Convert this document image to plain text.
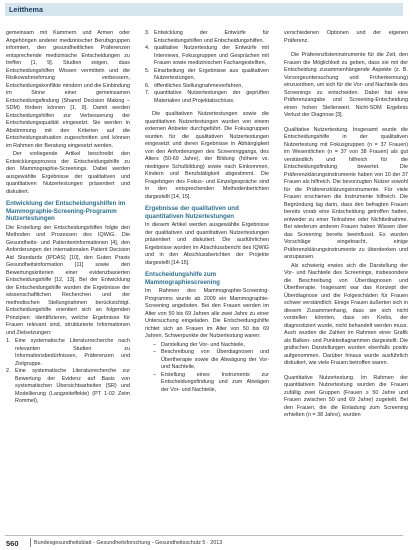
Leitthema

gemeinsam mit Kammern und Armen oder Angehörigen anderer medizinischer Berufsgruppen informiert, den gesundheitlichen Präferenzen entsprechende medizinische Entscheidungen zu treffen [1, 9]. Studien zeigen, dass Entscheidungshilfen Wissen vermitteln und die Risikowahrnehmung verbessern, Entscheidungskonflikte mindern und die Einbindung im Sinne einer gemeinsamen Entscheidungsfindung (Shared Decision Making – SDM) fördern können [1, 9]. Damit werden Entscheidungshilfen zur Verbesserung der Entscheidungsqualität eingesetzt. Sie werden in Abstimmung mit den Kriterien auf die Entscheidungssituation zugeschnitten und können im Rahmen der Beratung eingesetzt werden.

Der vorliegende Artikel beschreibt den Entwicklungsprozess der Entscheidungshilfe zu den Mammographie-Screenings. Dabei werden ausgewählte Ergebnisse der qualitativen und quantitativen Nutzertestungen präsentiert und diskutiert.

Entwicklung der Entscheidungshilfen im Mammographie-Screening-Programm Nutzertestungen

Die Erstellung der Entscheidungshilfen folgte den Methoden und Prozessen des IQWiG. Die Gesundheits- und Patienteninformationen [4], den Anforderungen der internationalen Patient Decision Aid Standards (IPDAS) [10], den Guten Praxis Gesundheitsinformation [11] sowie den Bewertungskriterien einer evidenzbasierten Entscheidungshilfe [12, 13]. Bei der Entwicklung der Entscheidungshilfe wurden die Ergebnisse der wissenschaftlichen Recherchen und der methodischen Stellungnahmen berücksichtigt. Entscheidungshilfe orientiert sich an folgenden Prinzipien: identifizieren, welche Ergebnisse für Frauen relevant sind, strukturierte Informationen und Zielsetzungen:

1. Eine systematische Literaturrecherche nach relevanten Studien zu Informationsbedürfnissen, Präferenzen und Zielgruppe.
2. Eine systematische Literaturrecherche zur Bewertung der Evidenz auf Basis von systematischen Übersichtsarbeiten (SR) und Modellierung (Langzeiteffekte) (PT 1-02 Zeim Rommel),
3. Entwicklung der Entwürfe für Entscheidungshilfen und Entscheidungshilfen.
4. qualitative Nutzertestung der Entwürfe mit Interviews, Fokusgruppen und Gesprächen mit Frauen sowie medizinischen Fachangestellten,
5. Einarbeitung der Ergebnisse aus qualitativen Nutzertestungen,
6. öffentliches Stellungnahmeverfahren,
7. quantitative Nutzertestungen der geprüften Materialien und Projektabschluss.

Die qualitativen Nutzertestungen sowie die quantitativen Nutzertestungen wurden von einem externen Anbieter durchgeführt. Die Fokusgruppen wurden für die qualitativen Nutzertestungen eingesetzt und deren Ergebnisse in Abhängigkeit von den Anforderungen des Screeninggangs, des Alters (50-69 Jahre), der Bildung (höhere vs. niedrigere Schulbildung) sowie nach Einkommen, Kindern und Berufstätigkeit abgestimmt. Die Fragebögen des Fokus- und Einzelgespräche sind in den entsprechenden Methodenberichten dargestellt [14, 15].

Ergebnisse der qualitativen und quantitativen Nutzertestungen

In diesem Artikel werden ausgewählte Ergebnisse der qualitativen und quantitativen Nutzertestungen präsentiert und diskutiert. Die ausführlichen Ergebnisse wurden im Abschlussbericht des IQWiG und in den Abschlussberichten der Projekte dargestellt [14-15].

Entscheidungshilfe zum Mammographiescreening

Im Rahmen des Mammographie-Screening-Programms wurde ab 2009 ein Mammographie-Screening angeboten. Bei den Frauen werden im Alter von 50 bis 69 Jahren alle zwei Jahre zu einer Untersuchung eingeladen. Die Entscheidungshilfe richtet sich an Frauen im Alter von 50 bis 69 Jahren. Schwerpunkte der Nutzertestung waren:

– Darstellung der Vor- und Nachteile,
– Beschreibung von Überdiagnosen und Übertherapie sowie die Abwägung der Vor- und Nachteile,
– Erstellung eines Instruments zur Entscheidungsfindung und zum Abwägen der Vor- und Nachteile,

verschiedenen Optionen und der eigenen Präferenz.

Die Präferenzlisteninstrumente für die Zeit, den Frauen die Möglichkeit zu geben, dass sie mit der Entscheidung zusammenhängende Aspekte (z. B. Vorsorgeuntersuchung und Früherkennung) einzuordnen, um sich für die Vor- und Nachteile des Screenings zu entscheiden. Dabei hat eine Präferenzangabe und Screening-Entscheidung einen hohen Stellenwert. Nicht-SDM Ergebnis Verlust der Diagnose [3].

Qualitative Nutzertestung. Insgesamt wurde die Entscheidungshilfe in der qualitativen Nutzertestung mit Fokusgruppen (n = 37 Frauen) im Wesentlichen (n = 37 von 38 Frauen) als gut verständlich und hilfreich für die Entscheidungsfindung bewertet. Die Präferenzklärungsinstrumente haben von 10 der 37 Frauen als hilfreich. Die bevorzugten Nutzer sowohl für die Präferenzklärungsinstrumente. Für viele Frauen erschienen die Instrumente hilfreich. Die Begründung lag darin, dass den befragten Frauen bereits vorab eine Entscheidung getroffen hatten, entweder zu einer Teilnahme oder Nichtteilnahme. Bei wiederum anderen Frauen haben Wissen über das Screening bereits beeinflusst. Es wurden Vorschläge eingebracht, einige Präferenzklärungsinstrumente zu überdenken und anzupassen.

Als schwierig erwies sich die Darstellung der Vor- und Nachteile des Screenings, insbesondere die Beschreibung von Überdiagnosen und Übertherapie. Insgesamt war das Konzept der Überdiagnose und die Folgeschäden für Frauen schwer verständlich. Einige Frauen äußerten sich in diesem Zusammenhang, dass sie sich nicht vorstellen könnten, dass ein Krebs, der diagnostiziert wurde, nicht behandelt werden muss. Auch wurden die Zahlen im Rahmen einer Grafik als Balken- und Punktediagrammen dargestellt. Die grafischen Darstellungen wurden ebenfalls positiv aufgenommen. Darüber hinaus wurde ausführlich diskutiert, wie viele Frauen betroffen waren.

Quantitative Nutzertestung. Im Rahmen der quantitativen Nutzertestung wurden die Frauen zufällig zwei Gruppen (Frauen ≥ 50 Jahre und Frauen zwischen 50 und 69 Jahre) zugeteilt. Bei den Frauen, die die Einladung zum Screening erhielten (n = 38 Jahre), wurden

560	Bundesgesundheitsblatt - Gesundheitsforschung - Gesundheitsschutz 5 · 2013
